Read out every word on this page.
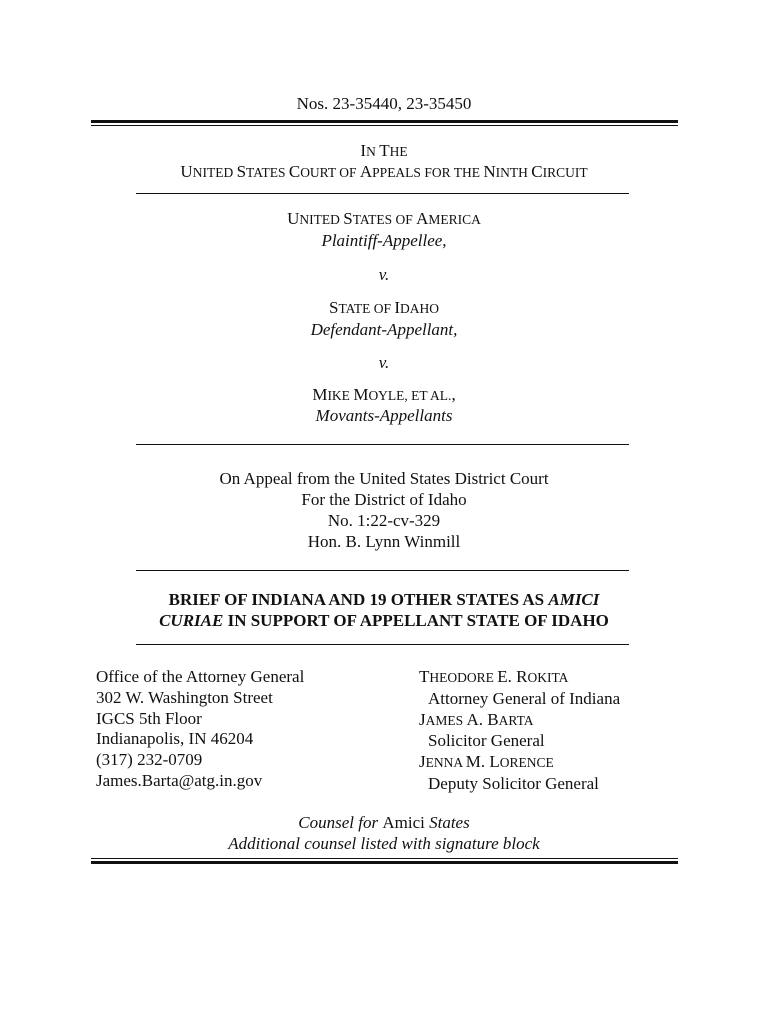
Nos. 23-35440, 23-35450
IN THE
UNITED STATES COURT OF APPEALS FOR THE NINTH CIRCUIT
UNITED STATES OF AMERICA
Plaintiff-Appellee,
v.
STATE OF IDAHO
Defendant-Appellant,
v.
MIKE MOYLE, ET AL.,
Movants-Appellants
On Appeal from the United States District Court
For the District of Idaho
No. 1:22-cv-329
Hon. B. Lynn Winmill
BRIEF OF INDIANA AND 19 OTHER STATES AS AMICI
CURIAE IN SUPPORT OF APPELLANT STATE OF IDAHO
Office of the Attorney General
302 W. Washington Street
IGCS 5th Floor
Indianapolis, IN 46204
(317) 232-0709
James.Barta@atg.in.gov
THEODORE E. ROKITA
Attorney General of Indiana
JAMES A. BARTA
Solicitor General
JENNA M. LORENCE
Deputy Solicitor General
Counsel for Amici States
Additional counsel listed with signature block
